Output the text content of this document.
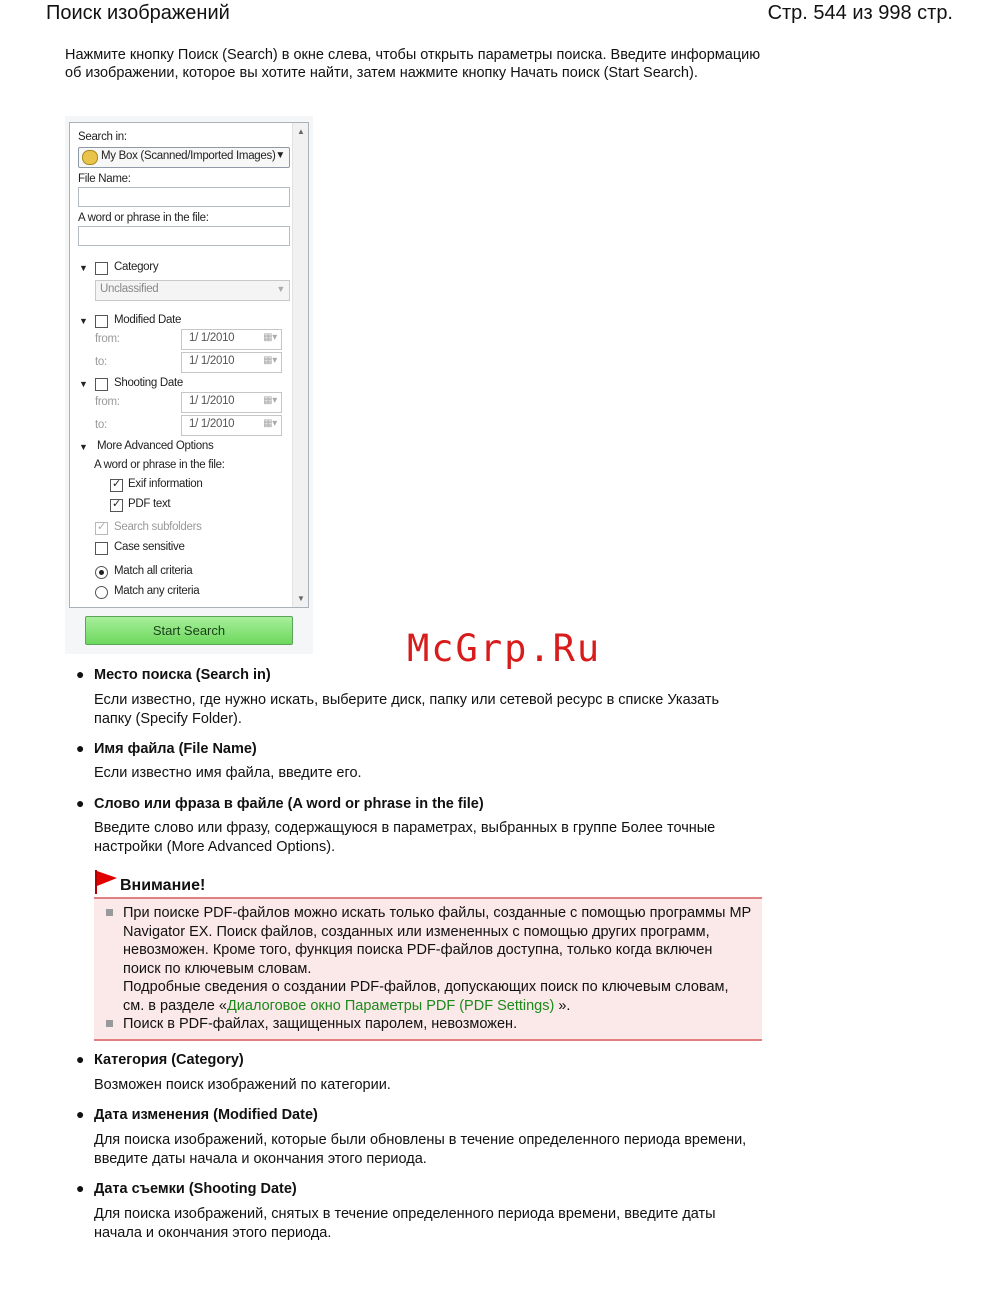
Поиск изображений	Стр. 544 из 998 стр.
Нажмите кнопку Поиск (Search) в окне слева, чтобы открыть параметры поиска. Введите информацию об изображении, которое вы хотите найти, затем нажмите кнопку Начать поиск (Start Search).
▲
▼
Search in:
My Box (Scanned/Imported Images) ▼
File Name:
A word or phrase in the file:
▼ Category
Unclassified	▼
▼ Modified Date
from:	1/ 1/2010	▦▾
to:	1/ 1/2010	▦▾
▼ Shooting Date
from:	1/ 1/2010	▦▾
to:	1/ 1/2010	▦▾
▼ More Advanced Options
A word or phrase in the file:
✓
Exif information
✓
PDF text
✓
Search subfolders
Case sensitive
Match all criteria
Match any criteria
Start Search	McGrp.Ru
● Место поиска (Search in)
Если известно, где нужно искать, выберите диск, папку или сетевой ресурс в списке Указать папку (Specify Folder).
● Имя файла (File Name)
Если известно имя файла, введите его.
● Слово или фраза в файле (A word or phrase in the file)
Введите слово или фразу, содержащуюся в параметрах, выбранных в группе Более точные настройки (More Advanced Options).
Внимание!
При поиске PDF-файлов можно искать только файлы, созданные с помощью программы MP Navigator EX. Поиск файлов, созданных или измененных с помощью других программ, невозможен. Кроме того, функция поиска PDF-файлов доступна, только когда включен поиск по ключевым словам.
Подробные сведения о создании PDF-файлов, допускающих поиск по ключевым словам, см. в разделе «Диалоговое окно Параметры PDF (PDF Settings) ».
Поиск в PDF-файлах, защищенных паролем, невозможен.
● Категория (Category)
Возможен поиск изображений по категории.
● Дата изменения (Modified Date)
Для поиска изображений, которые были обновлены в течение определенного периода времени, введите даты начала и окончания этого периода.
● Дата съемки (Shooting Date)
Для поиска изображений, снятых в течение определенного периода времени, введите даты начала и окончания этого периода.
